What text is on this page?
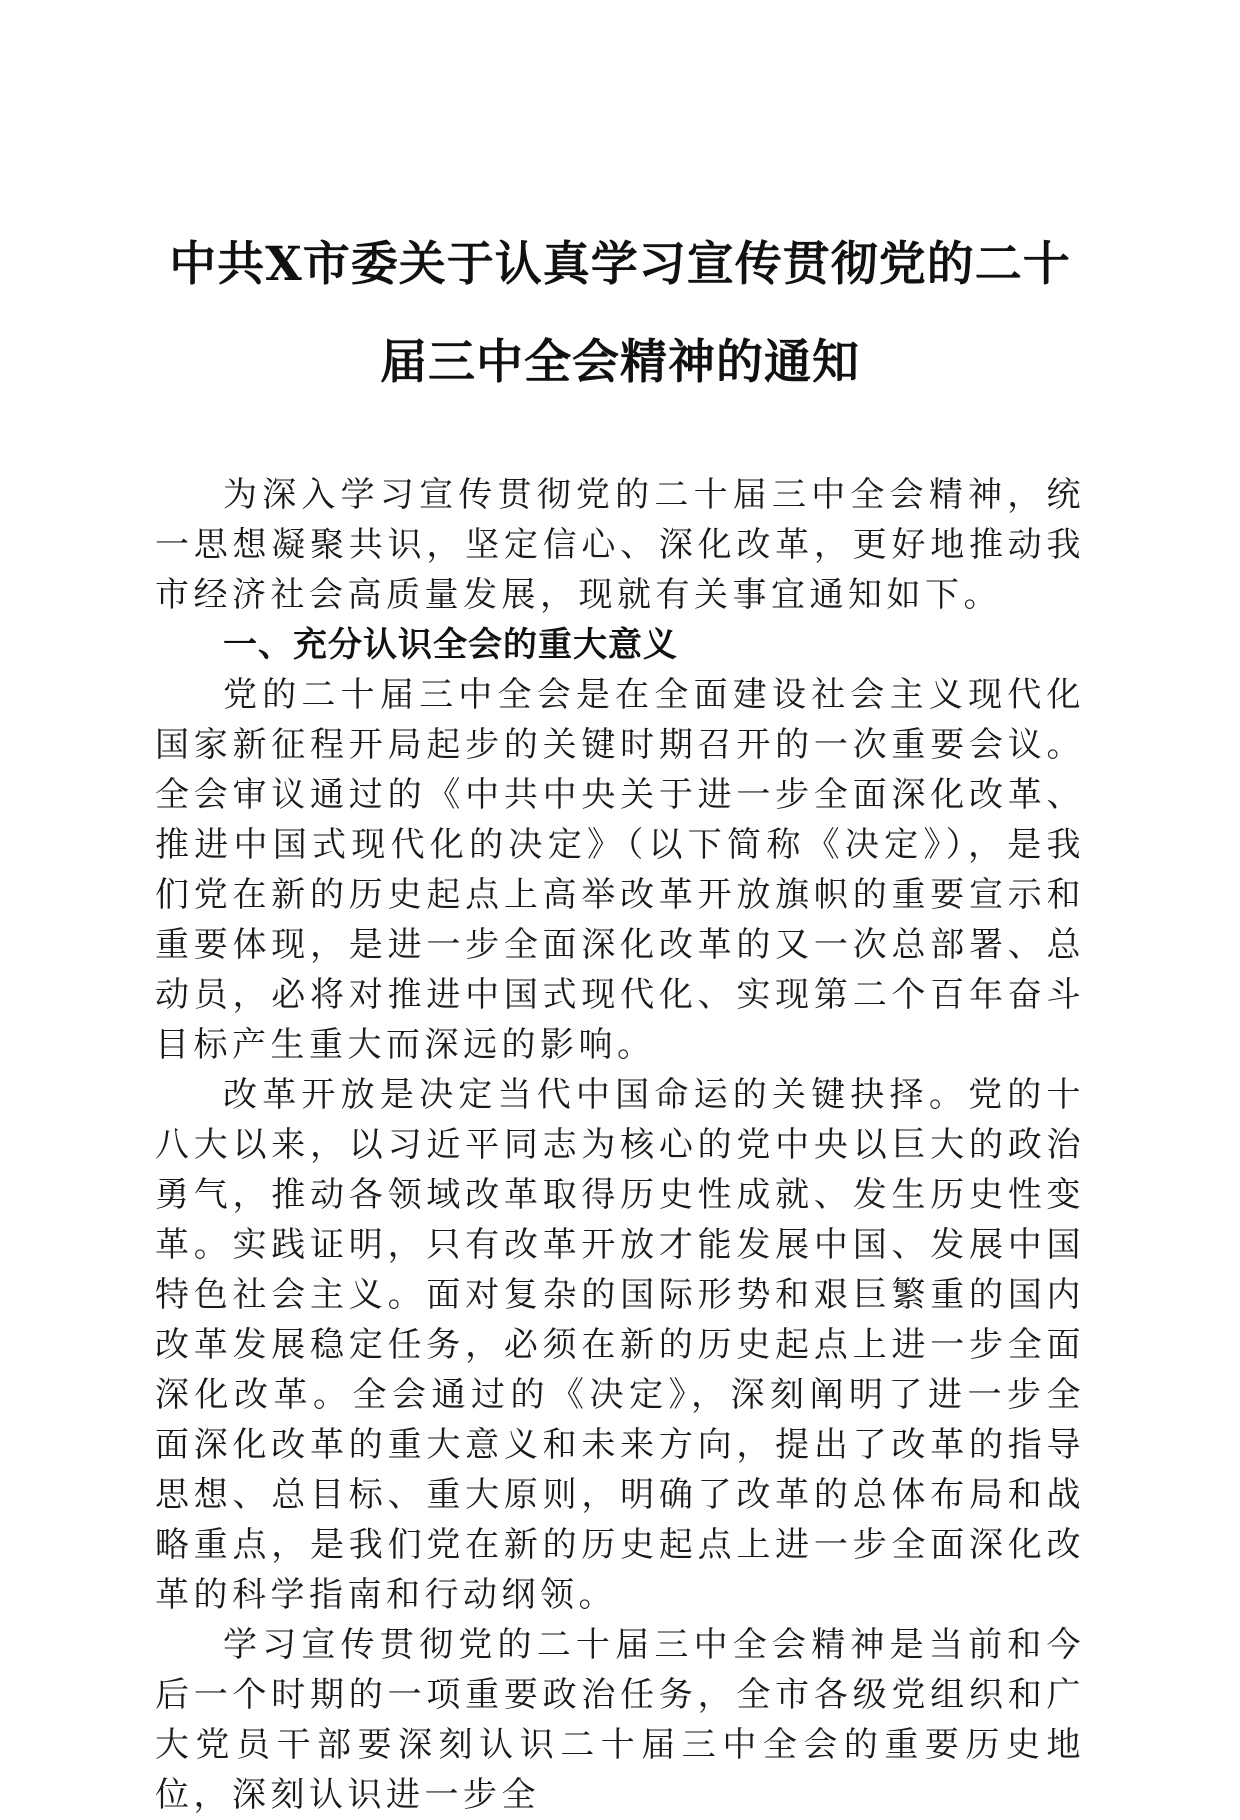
中共X市委关于认真学习宣传贯彻党的二十
届三中全会精神的通知

为深入学习宣传贯彻党的二十届三中全会精神，统一思想凝聚共识，坚定信心、深化改革，更好地推动我市经济社会高质量发展，现就有关事宜通知如下。

一、充分认识全会的重大意义

党的二十届三中全会是在全面建设社会主义现代化国家新征程开局起步的关键时期召开的一次重要会议。全会审议通过的《中共中央关于进一步全面深化改革、推进中国式现代化的决定》（以下简称《决定》），是我们党在新的历史起点上高举改革开放旗帜的重要宣示和重要体现，是进一步全面深化改革的又一次总部署、总动员，必将对推进中国式现代化、实现第二个百年奋斗目标产生重大而深远的影响。

改革开放是决定当代中国命运的关键抉择。党的十八大以来，以习近平同志为核心的党中央以巨大的政治勇气，推动各领域改革取得历史性成就、发生历史性变革。实践证明，只有改革开放才能发展中国、发展中国特色社会主义。面对复杂的国际形势和艰巨繁重的国内改革发展稳定任务，必须在新的历史起点上进一步全面深化改革。全会通过的《决定》，深刻阐明了进一步全面深化改革的重大意义和未来方向，提出了改革的指导思想、总目标、重大原则，明确了改革的总体布局和战略重点，是我们党在新的历史起点上进一步全面深化改革的科学指南和行动纲领。

学习宣传贯彻党的二十届三中全会精神是当前和今后一个时期的一项重要政治任务，全市各级党组织和广大党员干部要深刻认识二十届三中全会的重要历史地位，深刻认识进一步全
